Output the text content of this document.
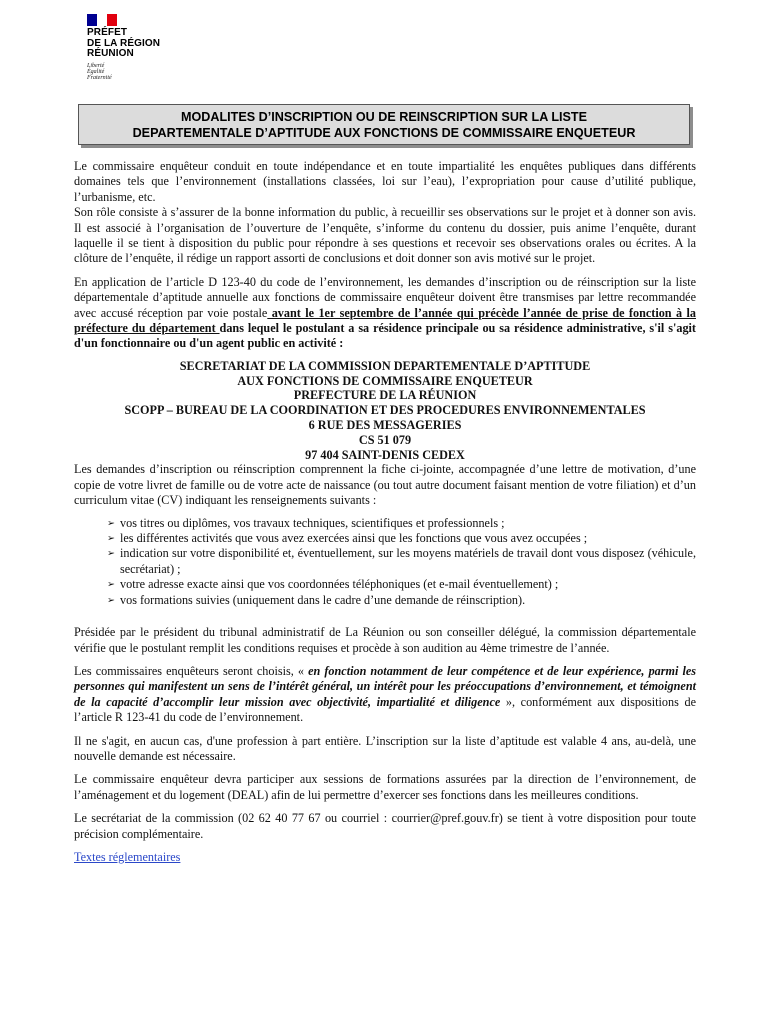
PRÉFET
DE LA RÉGION
RÉUNION
Liberté
Égalité
Fraternité
MODALITES D’INSCRIPTION OU DE REINSCRIPTION SUR LA LISTE
DEPARTEMENTALE D’APTITUDE AUX FONCTIONS DE COMMISSAIRE ENQUETEUR

Le commissaire enquêteur conduit en toute indépendance et en toute impartialité les enquêtes publiques dans différents domaines tels que l’environnement (installations classées, loi sur l’eau), l’expropriation pour cause d’utilité publique, l’urbanisme, etc.

Son rôle consiste à s’assurer de la bonne information du public, à recueillir ses observations sur le projet et à donner son avis. Il est associé à l’organisation de l’ouverture de l’enquête, s’informe du contenu du dossier, puis anime l’enquête, durant laquelle il se tient à disposition du public pour répondre à ses questions et recevoir ses observations orales ou écrites. A la clôture de l’enquête, il rédige un rapport assorti de conclusions et doit donner son avis motivé sur le projet.

En application de l’article D 123-40 du code de l’environnement, les demandes d’inscription ou de réinscription sur la liste départementale d’aptitude annuelle aux fonctions de commissaire enquêteur doivent être transmises par lettre recommandée avec accusé réception par voie postale avant le 1er septembre de l’année qui précède l’année de prise de fonction à la préfecture du département dans lequel le postulant a sa résidence principale ou sa résidence administrative, s'il s'agit d'un fonctionnaire ou d'un agent public en activité :

SECRETARIAT DE LA COMMISSION DEPARTEMENTALE D’APTITUDE
AUX FONCTIONS DE COMMISSAIRE ENQUETEUR
PREFECTURE DE LA RÉUNION
SCOPP – BUREAU DE LA COORDINATION ET DES PROCEDURES ENVIRONNEMENTALES
6 RUE DES MESSAGERIES
CS 51 079
97 404 SAINT-DENIS CEDEX

Les demandes d’inscription ou réinscription comprennent la fiche ci-jointe, accompagnée d’une lettre de motivation, d’une copie de votre livret de famille ou de votre acte de naissance (ou tout autre document faisant mention de votre filiation) et d’un curriculum vitae (CV) indiquant les renseignements suivants :

➢ vos titres ou diplômes, vos travaux techniques, scientifiques et professionnels ;
➢ les différentes activités que vous avez exercées ainsi que les fonctions que vous avez occupées ;
➢ indication sur votre disponibilité et, éventuellement, sur les moyens matériels de travail dont vous disposez (véhicule, secrétariat) ;
➢ votre adresse exacte ainsi que vos coordonnées téléphoniques (et e-mail éventuellement) ;
➢ vos formations suivies (uniquement dans le cadre d’une demande de réinscription).

Présidée par le président du tribunal administratif de La Réunion ou son conseiller délégué, la commission départementale vérifie que le postulant remplit les conditions requises et procède à son audition au 4ème trimestre de l’année.

Les commissaires enquêteurs seront choisis, « en fonction notamment de leur compétence et de leur expérience, parmi les personnes qui manifestent un sens de l’intérêt général, un intérêt pour les préoccupations d’environnement, et témoignent de la capacité d’accomplir leur mission avec objectivité, impartialité et diligence », conformément aux dispositions de l’article R 123-41 du code de l’environnement.

Il ne s'agit, en aucun cas, d'une profession à part entière. L’inscription sur la liste d’aptitude est valable 4 ans, au-delà, une nouvelle demande est nécessaire.

Le commissaire enquêteur devra participer aux sessions de formations assurées par la direction de l’environnement, de l’aménagement et du logement (DEAL) afin de lui permettre d’exercer ses fonctions dans les meilleures conditions.

Le secrétariat de la commission (02 62 40 77 67 ou courriel : courrier@pref.gouv.fr) se tient à votre disposition pour toute précision complémentaire.

Textes réglementaires
